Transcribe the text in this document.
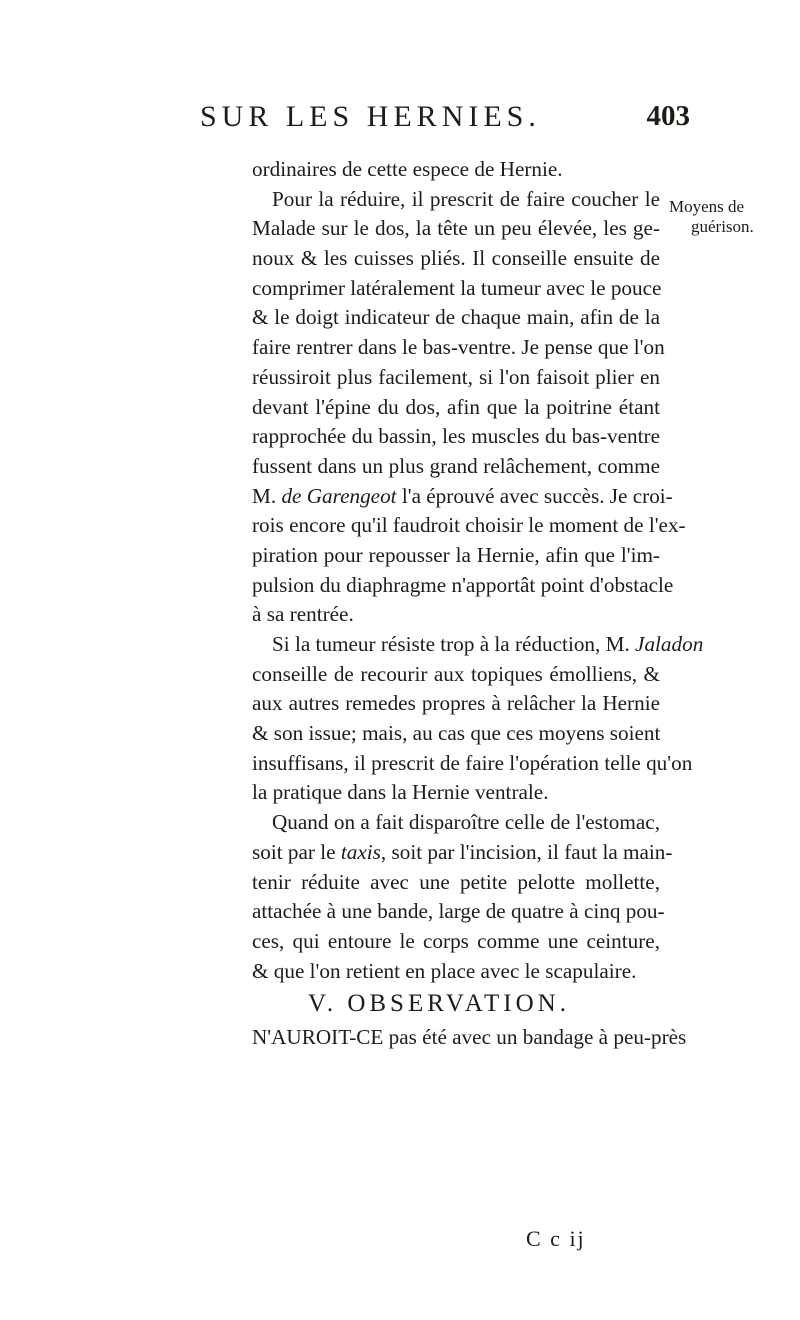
SUR LES HERNIES.	403
Moyens de
guérison.
ordinaires de cette espece de Hernie.
Pour la réduire, il prescrit de faire coucher le
Malade sur le dos, la tête un peu élevée, les ge-
noux & les cuisses pliés. Il conseille ensuite de
comprimer latéralement la tumeur avec le pouce
& le doigt indicateur de chaque main, afin de la
faire rentrer dans le bas-ventre. Je pense que l'on
réussiroit plus facilement, si l'on faisoit plier en
devant l'épine du dos, afin que la poitrine étant
rapprochée du bassin, les muscles du bas-ventre
fussent dans un plus grand relâchement, comme
M. de Garengeot l'a éprouvé avec succès. Je croi-
rois encore qu'il faudroit choisir le moment de l'ex-
piration pour repousser la Hernie, afin que l'im-
pulsion du diaphragme n'apportât point d'obstacle
à sa rentrée.
Si la tumeur résiste trop à la réduction, M. Jaladon
conseille de recourir aux topiques émolliens, &
aux autres remedes propres à relâcher la Hernie
& son issue; mais, au cas que ces moyens soient
insuffisans, il prescrit de faire l'opération telle qu'on
la pratique dans la Hernie ventrale.
Quand on a fait disparoître celle de l'estomac,
soit par le taxis, soit par l'incision, il faut la main-
tenir réduite avec une petite pelotte mollette,
attachée à une bande, large de quatre à cinq pou-
ces, qui entoure le corps comme une ceinture,
& que l'on retient en place avec le scapulaire.
V. OBSERVATION.
N'AUROIT-CE pas été avec un bandage à peu-près
C c ij
